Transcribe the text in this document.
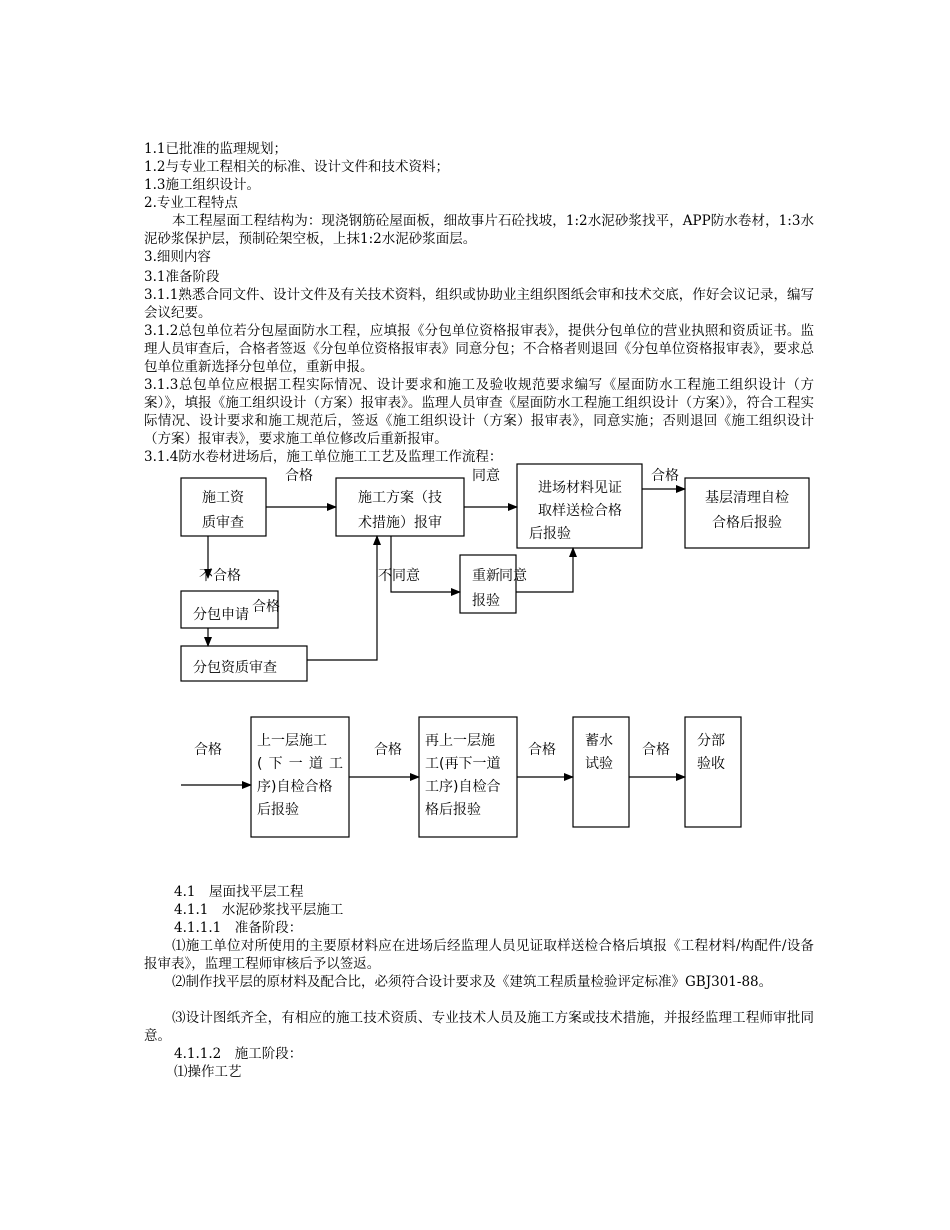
1.1已批准的监理规划；
1.2与专业工程相关的标准、设计文件和技术资料；
1.3施工组织设计。
2.专业工程特点
本工程屋面工程结构为：现浇钢筋砼屋面板，细故事片石砼找坡，1:2水泥砂浆找平，APP防水卷材，1:3水泥砂浆保护层，预制砼架空板，上抹1:2水泥砂浆面层。
3.细则内容
3.1准备阶段
3.1.1熟悉合同文件、设计文件及有关技术资料，组织或协助业主组织图纸会审和技术交底，作好会议记录，编写会议纪要。
3.1.2总包单位若分包屋面防水工程，应填报《分包单位资格报审表》，提供分包单位的营业执照和资质证书。监理人员审查后，合格者签返《分包单位资格报审表》同意分包；不合格者则退回《分包单位资格报审表》，要求总包单位重新选择分包单位，重新申报。
3.1.3总包单位应根据工程实际情况、设计要求和施工及验收规范要求编写《屋面防水工程施工组织设计（方案）》，填报《施工组织设计（方案）报审表》。监理人员审查《屋面防水工程施工组织设计（方案）》，符合工程实际情况、设计要求和施工规范后，签返《施工组织设计（方案）报审表》，同意实施；否则退回《施工组织设计（方案）报审表》，要求施工单位修改后重新报审。
3.1.4防水卷材进场后，施工单位施工工艺及监理工作流程：
施工资
质审查
施工方案（技
术措施）报审
进场材料见证
取样送检合格
后报验
基层清理自检
合格后报验
分包申请
分包资质审查
重新
报验
合格	同意	合格
不合格
合格
不同意	同意
上一层施工
(下一道工
序)自检合格
后报验
再上一层施
工(再下一道
工序)自检合
格后报验
蓄水
试验
分部
验收
合格	合格	合格	合格
4.1　屋面找平层工程
4.1.1　水泥砂浆找平层施工
4.1.1.1　准备阶段：
⑴施工单位对所使用的主要原材料应在进场后经监理人员见证取样送检合格后填报《工程材料/构配件/设备报审表》，监理工程师审核后予以签返。
⑵制作找平层的原材料及配合比，必须符合设计要求及《建筑工程质量检验评定标准》GBJ301-88。
⑶设计图纸齐全，有相应的施工技术资质、专业技术人员及施工方案或技术措施，并报经监理工程师审批同意。
4.1.1.2　施工阶段：
⑴操作工艺
